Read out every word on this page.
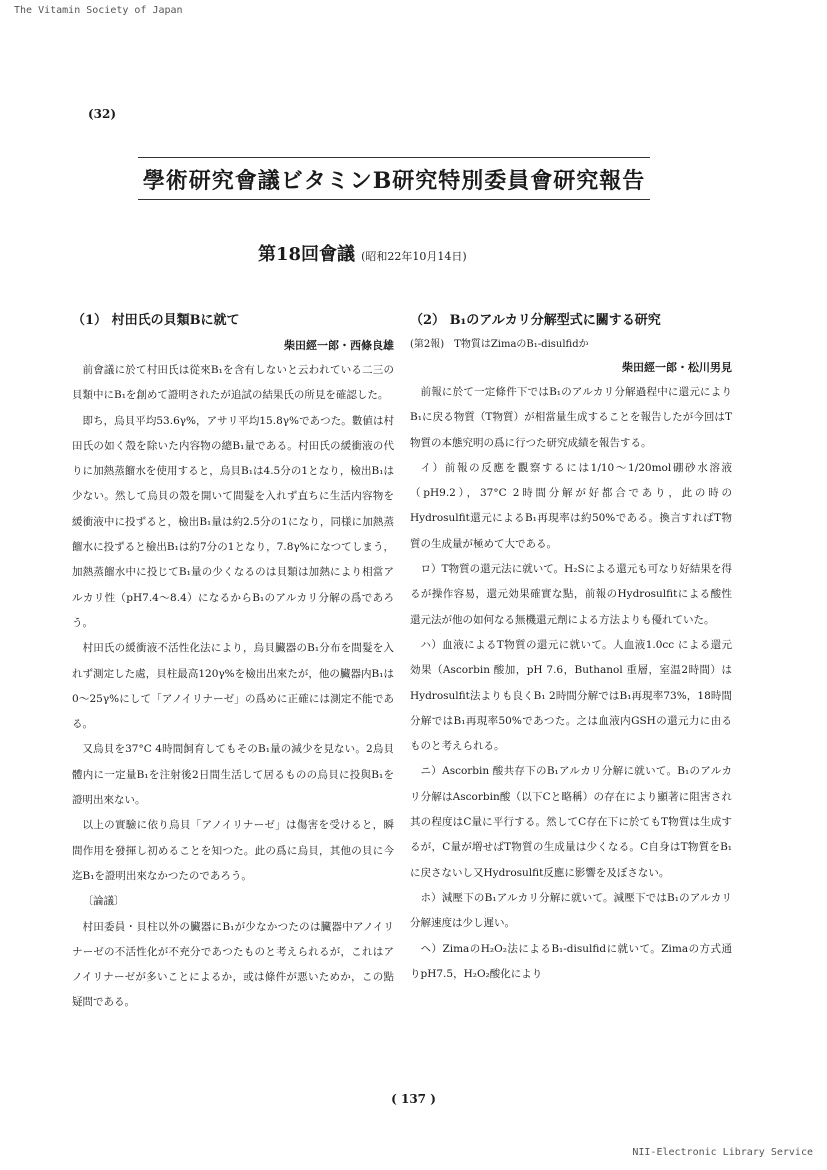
The Vitamin Society of Japan
(32)
學術研究會議ビタミンB研究特別委員會研究報告
第18回會議 (昭和22年10月14日)
（1） 村田氏の貝類Bに就て
柴田經一郎・西條良雄

前會議に於て村田氏は從來B₁を含有しないと云われている二三の貝類中にB₁を創めて證明されたが追試の結果氏の所見を確認した。

即ち，烏貝平均53.6γ%，アサリ平均15.8γ%であつた。數値は村田氏の如く殼を除いた内容物の總B₁量である。村田氏の緩衝液の代りに加熱蒸餾水を使用すると，烏貝B₁は4.5分の1となり，檢出B₁は少ない。然して烏貝の殼を開いて間髮を入れず直ちに生活内容物を緩衝液中に投ずると，檢出B₁量は約2.5分の1になり，同様に加熱蒸餾水に投ずると檢出B₁は約7分の1となり，7.8γ%になつてしまう，加熱蒸餾水中に投じてB₁量の少くなるのは貝類は加熱により相當アルカリ性（pH7.4〜8.4）になるからB₁のアルカリ分解の爲であろう。

村田氏の緩衝液不活性化法により，烏貝臟器のB₁分布を間髮を入れず測定した處，貝柱最高120γ%を檢出出來たが，他の臟器内B₁は0〜25γ%にして「アノイリナーゼ」の爲めに正確には測定不能である。

又烏貝を37°C 4時間飼育してもそのB₁量の減少を見ない。2烏貝體内に一定量B₁を注射後2日間生活して居るものの烏貝に投與B₁を證明出來ない。

以上の實驗に依り烏貝「アノイリナーゼ」は傷害を受けると，瞬間作用を發揮し初めることを知つた。此の爲に烏貝，其他の貝に今迄B₁を證明出來なかつたのであろう。

〔論議〕

村田委員・貝柱以外の臟器にB₁が少なかつたのは臟器中アノイリナーゼの不活性化が不充分であつたものと考えられるが，これはアノイリナーゼが多いことによるか，或は條件が悪いためか，この點疑問である。

（2） B₁のアルカリ分解型式に關する研究
(第2報)　T物質はZimaのB₁-disulfidか
柴田經一郎・松川男見

前報に於て一定條件下ではB₁のアルカリ分解過程中に還元によりB₁に戻る物質（T物質）が相當量生成することを報告したが今回はT物質の本態究明の爲に行つた研究成績を報告する。

イ）前報の反應を觀察するには1/10〜1/20mol硼砂水溶液（pH9.2），37°C 2時間分解が好都合であり，此の時のHydrosulfit還元によるB₁再現率は約50%である。換言すればT物質の生成量が極めて大である。

ロ）T物質の還元法に就いて。H₂Sによる還元も可なり好結果を得るが操作容易，還元効果確實な點，前報のHydrosulfitによる酸性還元法が他の如何なる無機還元劑による方法よりも優れていた。

ハ）血液によるT物質の還元に就いて。人血液1.0cc による還元効果（Ascorbin 酸加，pH 7.6，Buthanol 重層，室温2時間）はHydrosulfit法よりも良くB₁ 2時間分解ではB₁再現率73%，18時間分解ではB₁再現率50%であつた。之は血液内GSHの還元力に由るものと考えられる。

ニ）Ascorbin 酸共存下のB₁アルカリ分解に就いて。B₁のアルカリ分解はAscorbin酸（以下Cと略稱）の存在により顯著に阻害され其の程度はC量に平行する。然してC存在下に於てもT物質は生成するが，C量が増せばT物質の生成量は少くなる。C自身はT物質をB₁に戻さないし又Hydrosulfit反應に影響を及ぼさない。

ホ）減壓下のB₁アルカリ分解に就いて。減壓下ではB₁のアルカリ分解速度は少し遲い。

ヘ）ZimaのH₂O₂法によるB₁-disulfidに就いて。Zimaの方式通りpH7.5，H₂O₂酸化により

( 137 )
NII-Electronic Library Service
